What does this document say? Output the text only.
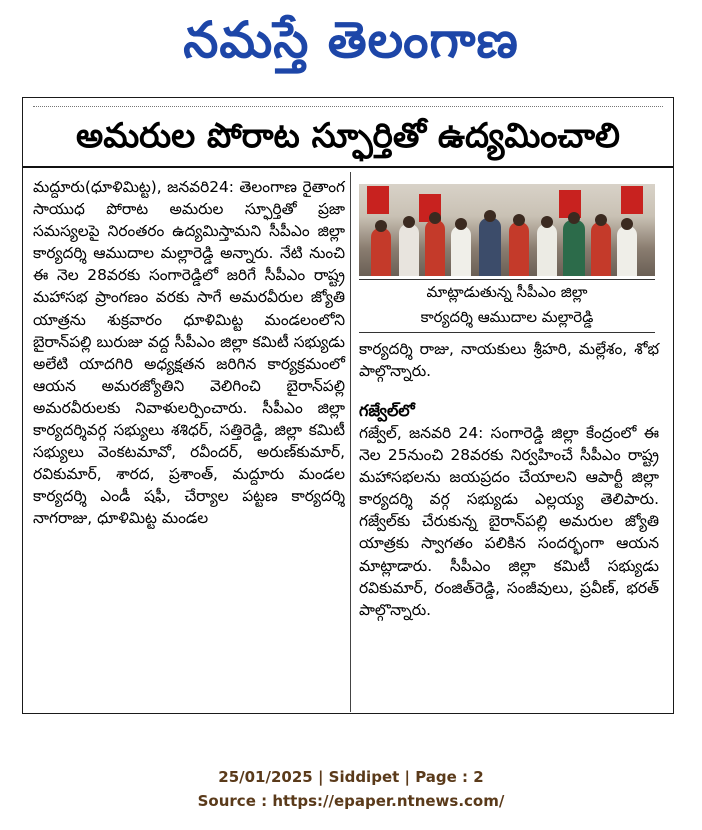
నమస్తే తెలంగాణ
అమరుల పోరాట స్ఫూర్తితో ఉద్యమించాలి
మద్దూరు(ధూళిమిట్ట), జనవరి24: తెలంగాణ రైతాంగ సాయుధ పోరాట అమరుల స్ఫూర్తితో ప్రజా సమస్యలపై నిరంతరం ఉద్యమిస్తామని సీపీఎం జిల్లా కార్యదర్శి ఆముదాల మల్లారెడ్డి అన్నారు. నేటి నుంచి ఈ నెల 28వరకు సంగారెడ్డిలో జరిగే సీపీఎం రాష్ట్ర మహాసభ ప్రాంగణం వరకు సాగే అమరవీరుల జ్యోతి యాత్రను శుక్రవారం ధూళిమిట్ట మండలంలోని బైరాన్‌పల్లి బురుజు వద్ద సీపీఎం జిల్లా కమిటీ సభ్యుడు అలేటి యాదగిరి అధ్యక్షతన జరిగిన కార్యక్రమంలో ఆయన అమరజ్యోతిని వెలిగించి బైరాన్‌పల్లి అమరవీరులకు నివాళులర్పించారు. సీపీఎం జిల్లా కార్యదర్శివర్గ సభ్యులు శశిధర్, సత్తిరెడ్డి, జిల్లా కమిటీ సభ్యులు వెంకటమావో, రవీందర్, అరుణ్‌కుమార్, రవికుమార్, శారద, ప్రశాంత్, మద్దూరు మండల కార్యదర్శి ఎండీ షఫీ, చేర్యాల పట్టణ కార్యదర్శి నాగరాజు, ధూళిమిట్ట మండల
మాట్లాడుతున్న సీపీఎం జిల్లా
కార్యదర్శి ఆముదాల మల్లారెడ్డి
కార్యదర్శి రాజు, నాయకులు శ్రీహరి, మల్లేశం, శోభ పాల్గొన్నారు.
గజ్వేల్‌లో
గజ్వేల్, జనవరి 24: సంగారెడ్డి జిల్లా కేంద్రంలో ఈ నెల 25నుంచి 28వరకు నిర్వహించే సీపీఎం రాష్ట్ర మహాసభలను జయప్రదం చేయాలని ఆపార్టీ జిల్లా కార్యదర్శి వర్గ సభ్యుడు ఎల్లయ్య తెలిపారు. గజ్వేల్‌కు చేరుకున్న బైరాన్‌పల్లి అమరుల జ్యోతి యాత్రకు స్వాగతం పలికిన సందర్భంగా ఆయన మాట్లాడారు. సీపీఎం జిల్లా కమిటీ సభ్యుడు రవికుమార్, రంజిత్‌రెడ్డి, సంజీవులు, ప్రవీణ్, భరత్ పాల్గొన్నారు.
25/01/2025 | Siddipet | Page : 2
Source : https://epaper.ntnews.com/
